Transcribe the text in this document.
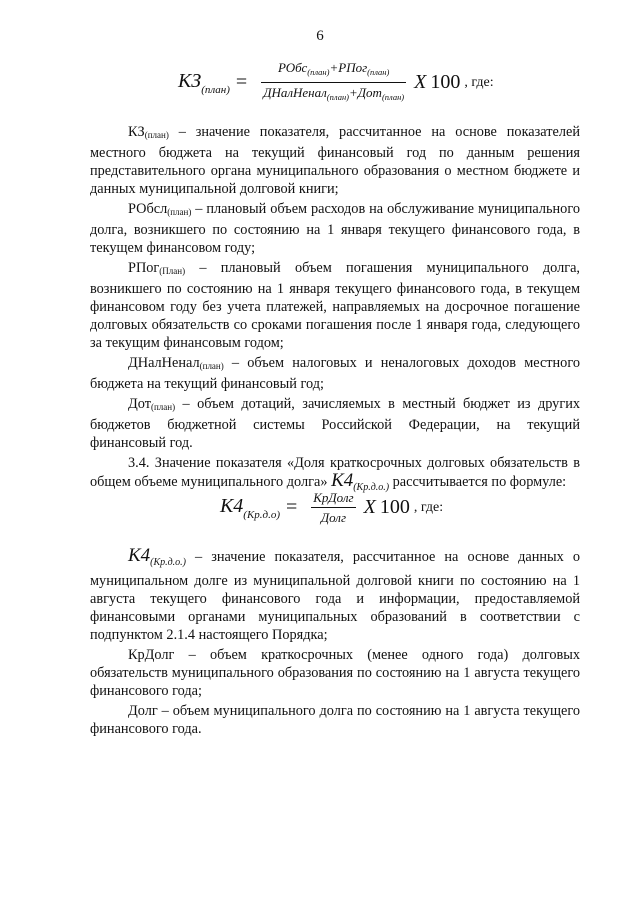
6
$КЗ_{(план)} = \frac{РОбс_{(план)}+РПог_{(план)}}{ДНалНенал_{(план)}+Дот_{(план)}}$ X 100 , где:

$КЗ_{(план)}$ – значение показателя, рассчитанное на основе показателей местного бюджета на текущий финансовый год по данным решения представительного органа муниципального образования о местном бюджете и данных муниципальной долговой книги;

РОбсл$_{(план)}$ – плановый объем расходов на обслуживание муниципального долга, возникшего по состоянию на 1 января текущего финансового года, в текущем финансовом году;

РПог$_{(План)}$ – плановый объем погашения муниципального долга, возникшего по состоянию на 1 января текущего финансового года, в текущем финансовом году без учета платежей, направляемых на досрочное погашение долговых обязательств со сроками погашения после 1 января года, следующего за текущим финансовым годом;

ДНалНенал$_{(план)}$ – объем налоговых и неналоговых доходов местного бюджета на текущий финансовый год;

Дот$_{(план)}$ – объем дотаций, зачисляемых в местный бюджет из других бюджетов бюджетной системы Российской Федерации, на текущий финансовый год.

3.4. Значение показателя «Доля краткосрочных долговых обязательств в общем объеме муниципального долга» $К4_{(Кр.д.о.)}$ рассчитывается по формуле:

$К4_{(Кр.д.о)} = \frac{\text{КрДолг}}{\text{Долг}}$ X 100 , где:

$К4_{(Кр.д.о.)}$ – значение показателя, рассчитанное на основе данных о муниципальном долге из муниципальной долговой книги по состоянию на 1 августа текущего финансового года и информации, предоставляемой финансовыми органами муниципальных образований в соответствии с подпунктом 2.1.4 настоящего Порядка;

КрДолг – объем краткосрочных (менее одного года) долговых обязательств муниципального образования по состоянию на 1 августа текущего финансового года;

Долг – объем муниципального долга по состоянию на 1 августа текущего финансового года.
